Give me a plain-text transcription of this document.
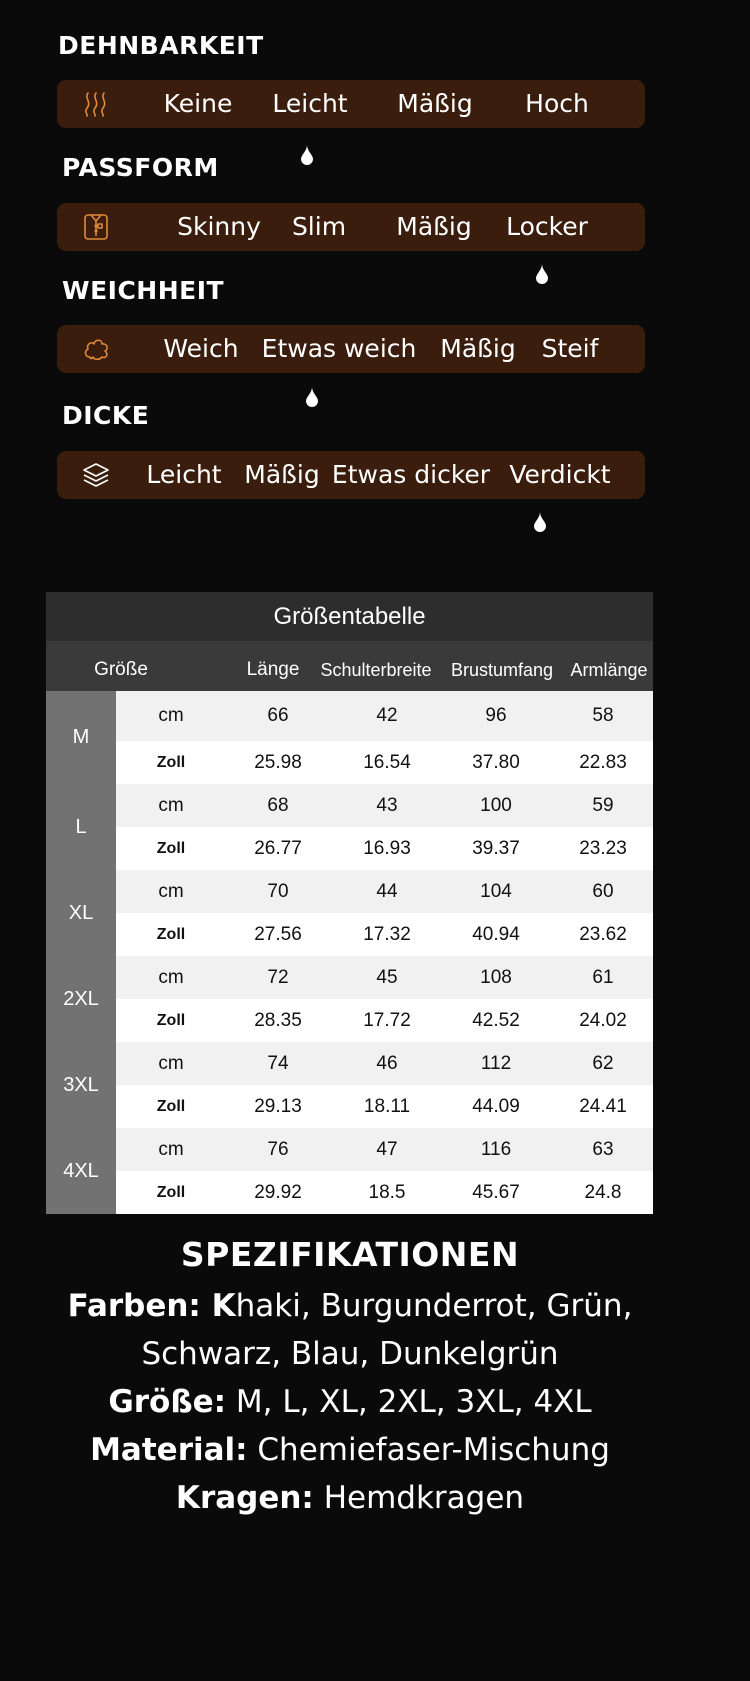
DEHNBARKEIT
Keine Leicht Mäßig Hoch
PASSFORM
Skinny Slim Mäßig Locker
WEICHHEIT
Weich Etwas weich Mäßig Steif
DICKE
Leicht Mäßig Etwas dicker Verdickt
Größentabelle
Größe	Länge Schulterbreite Brustumfang Armlänge
M
cm	66	42	96	58
Zoll	25.98	16.54	37.80	22.83
L
cm	68	43	100	59
Zoll	26.77	16.93	39.37	23.23
XL
cm	70	44	104	60
Zoll	27.56	17.32	40.94	23.62
2XL
cm	72	45	108	61
Zoll	28.35	17.72	42.52	24.02
3XL
cm	74	46	112	62
Zoll	29.13	18.11	44.09	24.41
4XL
cm	76	47	116	63
Zoll	29.92	18.5	45.67	24.8
SPEZIFIKATIONEN
Farben: Khaki, Burgunderrot, Grün,
Schwarz, Blau, Dunkelgrün
Größe: M, L, XL, 2XL, 3XL, 4XL
Material: Chemiefaser-Mischung
Kragen: Hemdkragen
